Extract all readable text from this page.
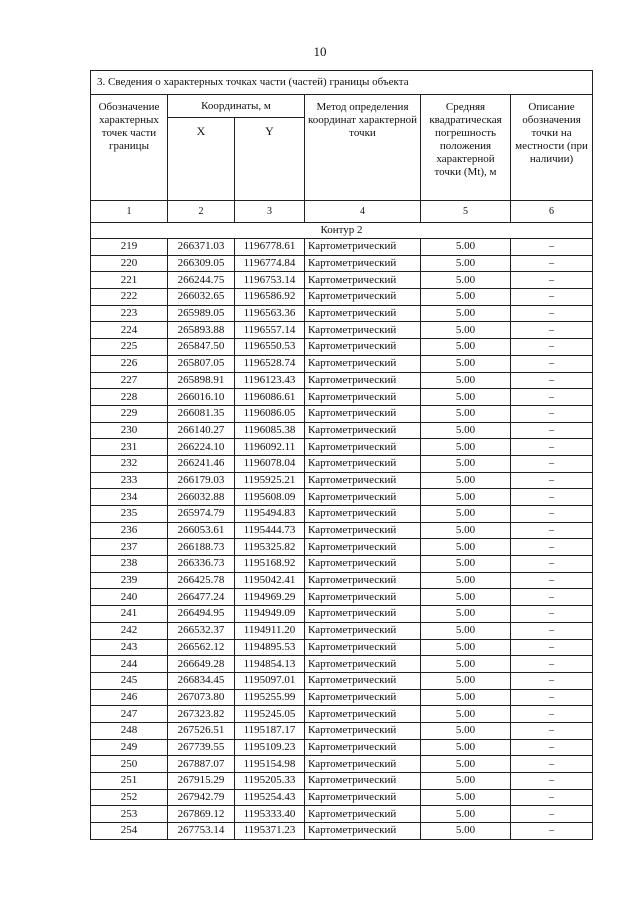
10
3. Сведения о характерных точках части (частей) границы объекта					
Обозначение характерных точек части границы	Координаты, м		Метод определения координат характерной точки	Средняя квадратическая погрешность положения характерной точки (Mt), м	Описание обозначения точки на местности (при наличии)
	X	Y			
1	2	3	4	5	6
Контур 2					
219	266371.03	1196778.61	Картометрический	5.00	–
220	266309.05	1196774.84	Картометрический	5.00	–
221	266244.75	1196753.14	Картометрический	5.00	–
222	266032.65	1196586.92	Картометрический	5.00	–
223	265989.05	1196563.36	Картометрический	5.00	–
224	265893.88	1196557.14	Картометрический	5.00	–
225	265847.50	1196550.53	Картометрический	5.00	–
226	265807.05	1196528.74	Картометрический	5.00	–
227	265898.91	1196123.43	Картометрический	5.00	–
228	266016.10	1196086.61	Картометрический	5.00	–
229	266081.35	1196086.05	Картометрический	5.00	–
230	266140.27	1196085.38	Картометрический	5.00	–
231	266224.10	1196092.11	Картометрический	5.00	–
232	266241.46	1196078.04	Картометрический	5.00	–
233	266179.03	1195925.21	Картометрический	5.00	–
234	266032.88	1195608.09	Картометрический	5.00	–
235	265974.79	1195494.83	Картометрический	5.00	–
236	266053.61	1195444.73	Картометрический	5.00	–
237	266188.73	1195325.82	Картометрический	5.00	–
238	266336.73	1195168.92	Картометрический	5.00	–
239	266425.78	1195042.41	Картометрический	5.00	–
240	266477.24	1194969.29	Картометрический	5.00	–
241	266494.95	1194949.09	Картометрический	5.00	–
242	266532.37	1194911.20	Картометрический	5.00	–
243	266562.12	1194895.53	Картометрический	5.00	–
244	266649.28	1194854.13	Картометрический	5.00	–
245	266834.45	1195097.01	Картометрический	5.00	–
246	267073.80	1195255.99	Картометрический	5.00	–
247	267323.82	1195245.05	Картометрический	5.00	–
248	267526.51	1195187.17	Картометрический	5.00	–
249	267739.55	1195109.23	Картометрический	5.00	–
250	267887.07	1195154.98	Картометрический	5.00	–
251	267915.29	1195205.33	Картометрический	5.00	–
252	267942.79	1195254.43	Картометрический	5.00	–
253	267869.12	1195333.40	Картометрический	5.00	–
254	267753.14	1195371.23	Картометрический	5.00	–
